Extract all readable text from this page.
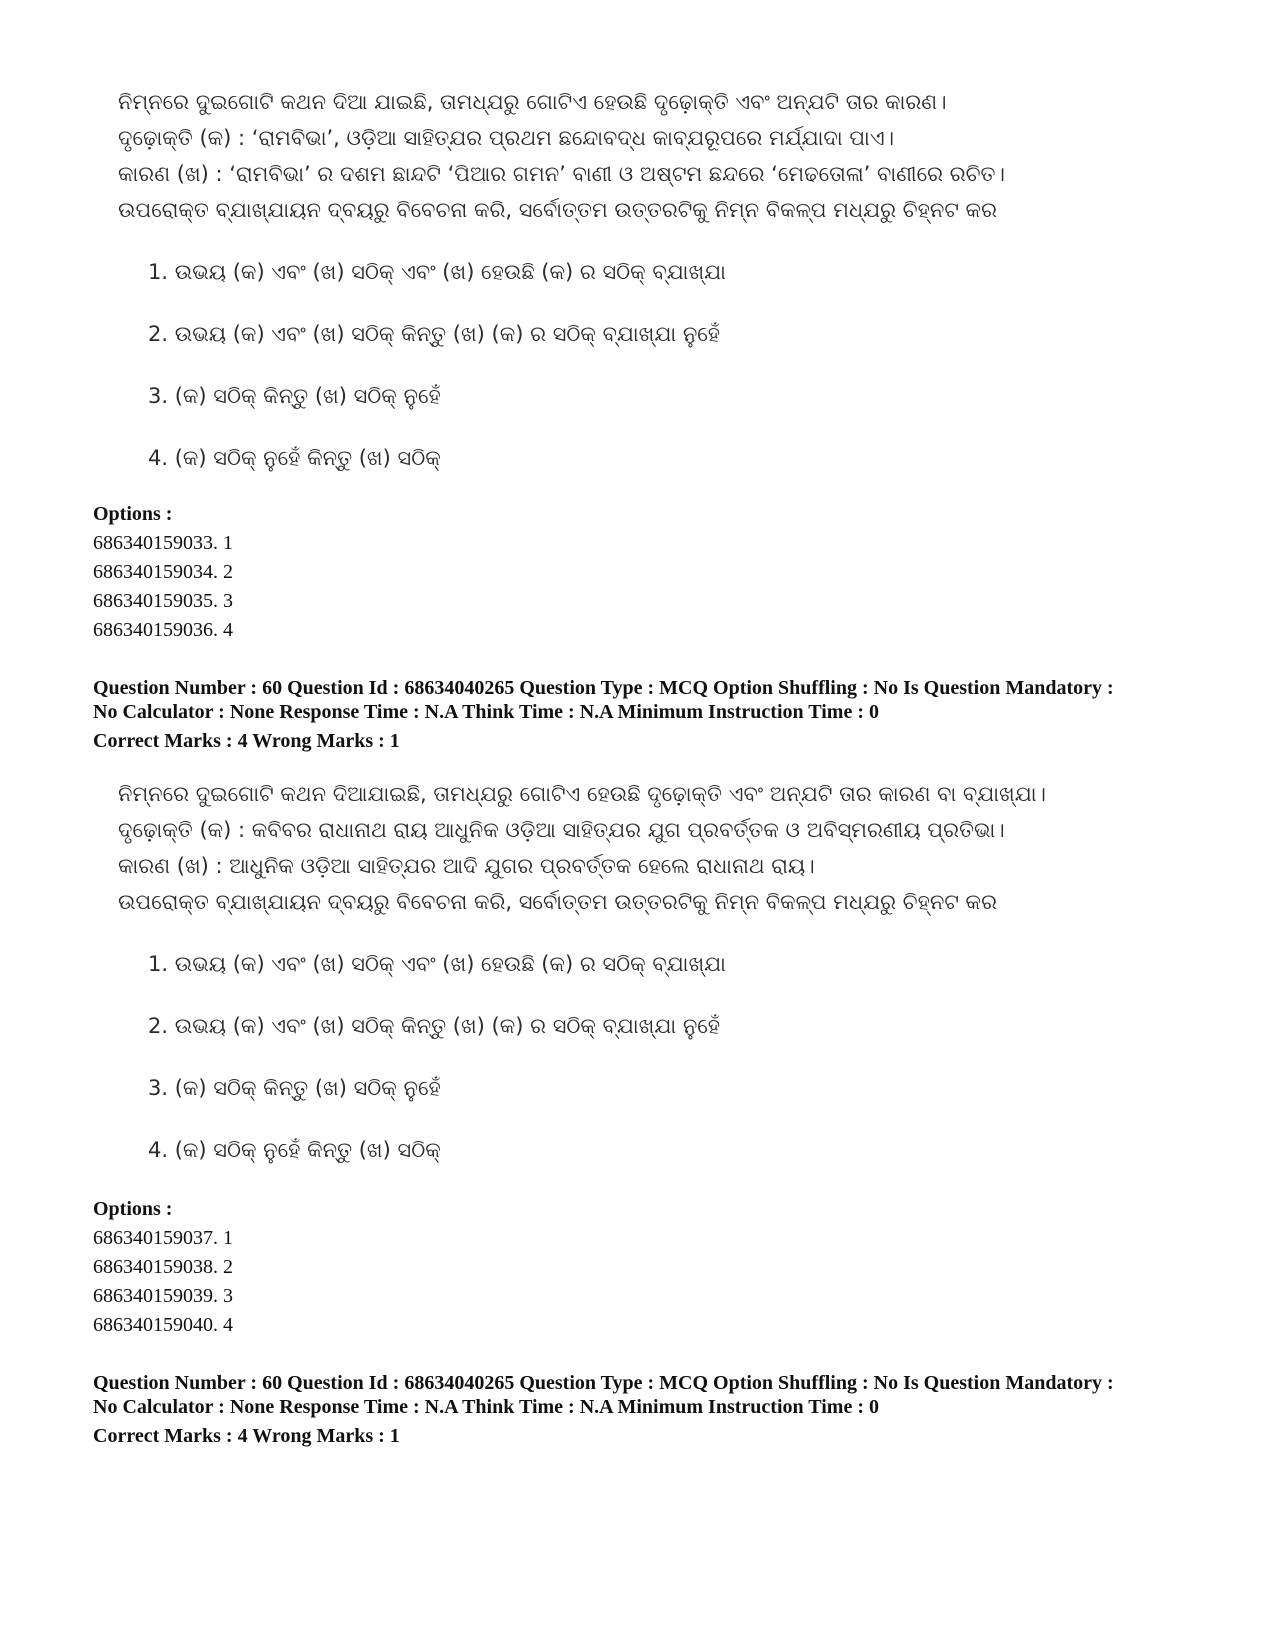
ନିମ୍ନରେ ଦୁଇଗୋଟି କଥନ ଦିଆ ଯାଇଛି, ତାମଧ୍ଯରୁ ଗୋଟିଏ ହେଉଛି ଦୃଢ଼ୋକ୍ତି ଏବଂ ଅନ୍ଯଟି ତାର କାରଣ।
ଦୃଢ଼ୋକ୍ତି (କ) : ‘ରାମବିଭା’, ଓଡ଼ିଆ ସାହିତ୍ଯର ପ୍ରଥମ ଛନ୍ଦୋବଦ୍ଧ କାବ୍ଯରୂପରେ ମର୍ଯ୍ଯାଦା ପାଏ।
କାରଣ (ଖ) : ‘ରାମବିଭା’ ର ଦଶମ ଛାନ୍ଦଟି ‘ପିଆର ଗମନ’ ବାଣୀ ଓ ଅଷ୍ଟମ ଛନ୍ଦରେ ‘ମେଢତୋଳା’ ବାଣୀରେ ରଚିତ।
ଉପରୋକ୍ତ ବ୍ଯାଖ୍ଯାୟନ ଦ୍ବୟରୁ ବିବେଚନା କରି, ସର୍ବୋତ୍ତମ ଉତ୍ତରଟିକୁ ନିମ୍ନ ବିକଳ୍ପ ମଧ୍ଯରୁ ଚିହ୍ନଟ କର
1. ଉଭୟ (କ) ଏବଂ (ଖ) ସଠିକ୍ ଏବଂ (ଖ) ହେଉଛି (କ) ର ସଠିକ୍ ବ୍ଯାଖ୍ଯା
2. ଉଭୟ (କ) ଏବଂ (ଖ) ସଠିକ୍ କିନ୍ତୁ (ଖ) (କ) ର ସଠିକ୍ ବ୍ଯାଖ୍ଯା ନୁହେଁ
3. (କ) ସଠିକ୍ କିନ୍ତୁ (ଖ) ସଠିକ୍ ନୁହେଁ
4. (କ) ସଠିକ୍ ନୁହେଁ କିନ୍ତୁ (ଖ) ସଠିକ୍
Options :
686340159033. 1
686340159034. 2
686340159035. 3
686340159036. 4
Question Number : 60 Question Id : 68634040265 Question Type : MCQ Option Shuffling : No Is Question Mandatory :
No Calculator : None Response Time : N.A Think Time : N.A Minimum Instruction Time : 0
Correct Marks : 4 Wrong Marks : 1
ନିମ୍ନରେ ଦୁଇଗୋଟି କଥନ ଦିଆଯାଇଛି, ତାମଧ୍ଯରୁ ଗୋଟିଏ ହେଉଛି ଦୃଢ଼ୋକ୍ତି ଏବଂ ଅନ୍ଯଟି ତାର କାରଣ ବା ବ୍ଯାଖ୍ଯା।
ଦୃଢ଼ୋକ୍ତି (କ) : କବିବର ରାଧାନାଥ ରାୟ ଆଧୁନିକ ଓଡ଼ିଆ ସାହିତ୍ଯର ଯୁଗ ପ୍ରବର୍ତ୍ତକ ଓ ଅବିସ୍ମରଣୀୟ ପ୍ରତିଭା।
କାରଣ (ଖ) : ଆଧୁନିକ ଓଡ଼ିଆ ସାହିତ୍ଯର ଆଦି ଯୁଗର ପ୍ରବର୍ତ୍ତକ ହେଲେ ରାଧାନାଥ ରାୟ।
ଉପରୋକ୍ତ ବ୍ଯାଖ୍ଯାୟନ ଦ୍ବୟରୁ ବିବେଚନା କରି, ସର୍ବୋତ୍ତମ ଉତ୍ତରଟିକୁ ନିମ୍ନ ବିକଳ୍ପ ମଧ୍ଯରୁ ଚିହ୍ନଟ କର
1. ଉଭୟ (କ) ଏବଂ (ଖ) ସଠିକ୍ ଏବଂ (ଖ) ହେଉଛି (କ) ର ସଠିକ୍ ବ୍ଯାଖ୍ଯା
2. ଉଭୟ (କ) ଏବଂ (ଖ) ସଠିକ୍ କିନ୍ତୁ (ଖ) (କ) ର ସଠିକ୍ ବ୍ଯାଖ୍ଯା ନୁହେଁ
3. (କ) ସଠିକ୍ କିନ୍ତୁ (ଖ) ସଠିକ୍ ନୁହେଁ
4. (କ) ସଠିକ୍ ନୁହେଁ କିନ୍ତୁ (ଖ) ସଠିକ୍
Options :
686340159037. 1
686340159038. 2
686340159039. 3
686340159040. 4
Question Number : 60 Question Id : 68634040265 Question Type : MCQ Option Shuffling : No Is Question Mandatory :
No Calculator : None Response Time : N.A Think Time : N.A Minimum Instruction Time : 0
Correct Marks : 4 Wrong Marks : 1
